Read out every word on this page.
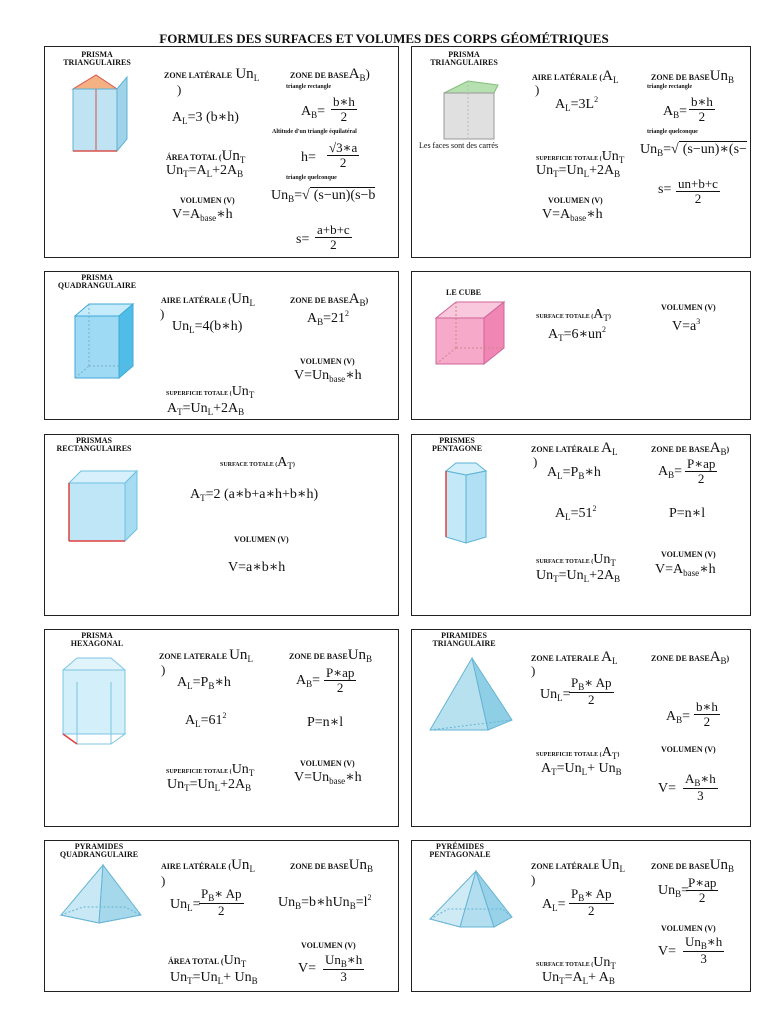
FORMULES DES SURFACES ET VOLUMES DES CORPS GÉOMÉTRIQUES
PRISMA
TRIANGULAIRES
ZONE LATÉRALE $Un_L$
)
$A_L=3$ (b∗h)
ZONE DE $BASEA_B$)
triangle rectangle
$A_B= \frac{b∗h}{2}$
Altitude d'un triangle équilatéral
$h= \frac{√3∗a}{2}$
triangle quelconque
ÁREA TOTAL (UnT
$Un_T=A_L+2A_B$
$Un_B=√$ (s−un)(s−b
VOLUMEN (V)
$V=A_{base}∗h$
$s= \frac{a+b+c}{2}$
PRISMA
TRIANGULAIRES
Les faces sont des carrés
AIRE LATÉRALE (AL
)
$A_L=3L^2$
ZONE DE BASEUnB
triangle rectangle
$A_B= \frac{b∗h}{2}$
triangle quelconque
$Un_B=√$ (s−un)∗(s−
SUPERFICIE TOTALE (UnT
$Un_T=Un_L+2A_B$
$s= \frac{un+b+c}{2}$
VOLUMEN (V)
$V=A_{base}∗h$
PRISMA
QUADRANGULAIRE
AIRE LATÉRALE (UnL
)
$Un_L=4(b∗h)$
ZONE DE BASEAB)
$A_B=21^2$
VOLUMEN (V)
$V=Un_{base}∗h$
SUPERFICIE TOTALE (UnT
$A_T=Un_L+2A_B$
LE CUBE
SURFACE TOTALE (AT)
$A_T=6∗un^2$
VOLUMEN (V)
$V=a^3$
PRISMAS
RECTANGULAIRES
SURFACE TOTALE (AT)
$A_T=2$ (a∗b+a∗h+b∗h)
VOLUMEN (V)
V=a∗b∗h
PRISMES
PENTAGONE	ZONE LATÉRALE AL
)
$A_L=P_B∗h$
$A_L=51^2$
ZONE DE BASEAB)
$A_B= \frac{P∗ap}{2}$
P=n∗l
SURFACE TOTALE (UnT
$Un_T=Un_L+2A_B$
VOLUMEN (V)
$V=A_{base}∗h$
PRISMA
HEXAGONAL
ZONE LATERALE UnL
)
$A_L=P_B∗h$
$A_L=61^2$
ZONE DE BASEUnB
$A_B= \frac{P∗ap}{2}$
P=n∗l
SUPERFICIE TOTALE (UnT
$Un_T=Un_L+2A_B$
VOLUMEN (V)
$V=Un_{base}∗h$
PIRAMIDES
TRIANGULAIRE
ZONE LATERALE AL
)
$Un_L=$
$\frac{P_B∗ Ap}{2}$
ZONE DE BASEAB)
$A_B= \frac{b∗h}{2}$
SUPERFICIE TOTALE (AT)
$A_T=Un_L+ Un_B$
VOLUMEN (V)
$V= \frac{A_B∗h}{3}$
PYRAMIDES
QUADRANGULAIRE
AIRE LATÉRALE (UnL
)
$Un_L=$
$\frac{P_B∗ Ap}{2}$
ZONE DE BASEUnB
$Un_B=b∗hUn_B=l^2$
ÁREA TOTAL (UnT
$Un_T=Un_L+ Un_B$
VOLUMEN (V)
V=
$Un_B∗h$
3
PYRÉMIDES
PENTAGONALE
ZONE LATÉRALE UnL
)
$A_L= \frac{P_B∗ Ap}{2}$
ZONE DE BASEUnB
$Un_B=$
$\frac{P∗ap}{2}$
VOLUMEN (V)
V=
$Un_B∗h$
3
SURFACE TOTALE (UnT
$Un_T=A_L+ A_B$
